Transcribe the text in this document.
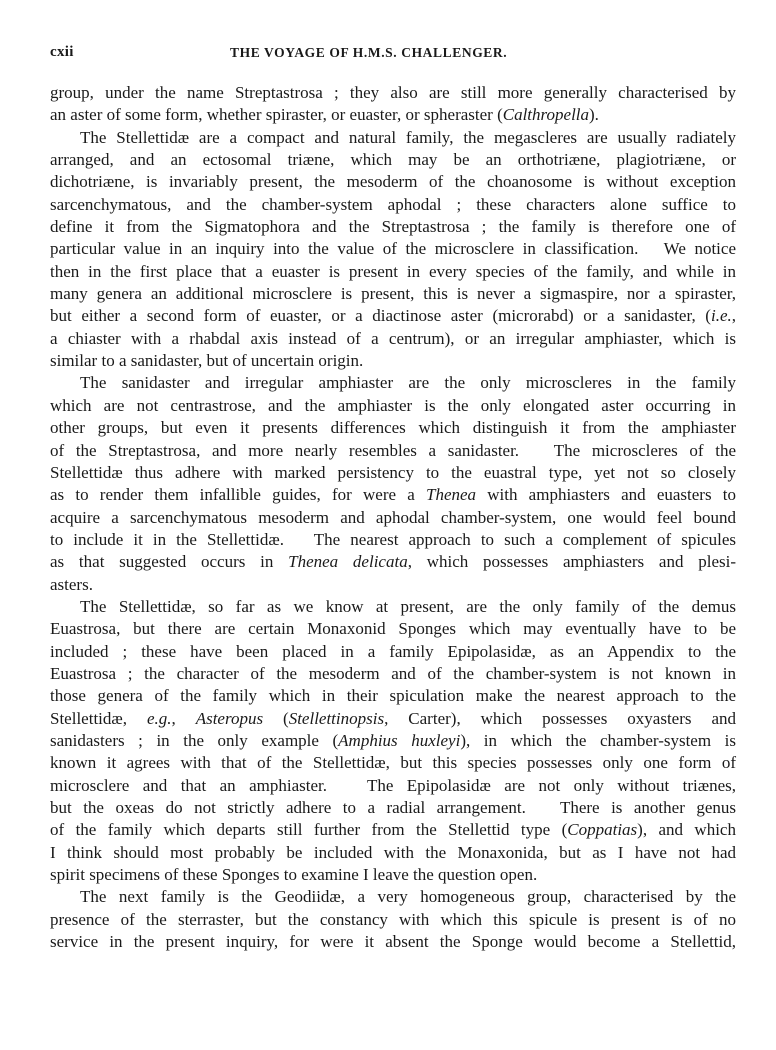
cxii	THE VOYAGE OF H.M.S. CHALLENGER.
group, under the name Streptastrosa ; they also are still more generally characterised by
an aster of some form, whether spiraster, or euaster, or spheraster (Calthropella).
The Stellettidæ are a compact and natural family, the megascleres are usually radiately
arranged, and an ectosomal triæne, which may be an orthotriæne, plagiotriæne, or
dichotriæne, is invariably present, the mesoderm of the choanosome is without exception
sarcenchymatous, and the chamber-system aphodal ; these characters alone suffice to
define it from the Sigmatophora and the Streptastrosa ; the family is therefore one of
particular value in an inquiry into the value of the microsclere in classification.   We notice
then in the first place that a euaster is present in every species of the family, and while in
many genera an additional microsclere is present, this is never a sigmaspire, nor a spiraster,
but either a second form of euaster, or a diactinose aster (microrabd) or a sanidaster, (i.e.,
a chiaster with a rhabdal axis instead of a centrum), or an irregular amphiaster, which is
similar to a sanidaster, but of uncertain origin.
The sanidaster and irregular amphiaster are the only microscleres in the family
which are not centrastrose, and the amphiaster is the only elongated aster occurring in
other groups, but even it presents differences which distinguish it from the amphiaster
of the Streptastrosa, and more nearly resembles a sanidaster.   The microscleres of the
Stellettidæ thus adhere with marked persistency to the euastral type, yet not so closely
as to render them infallible guides, for were a Thenea with amphiasters and euasters to
acquire a sarcenchymatous mesoderm and aphodal chamber-system, one would feel bound
to include it in the Stellettidæ.   The nearest approach to such a complement of spicules
as that suggested occurs in Thenea delicata, which possesses amphiasters and plesi-
asters.
The Stellettidæ, so far as we know at present, are the only family of the demus
Euastrosa, but there are certain Monaxonid Sponges which may eventually have to be
included ; these have been placed in a family Epipolasidæ, as an Appendix to the
Euastrosa ; the character of the mesoderm and of the chamber-system is not known in
those genera of the family which in their spiculation make the nearest approach to the
Stellettidæ, e.g., Asteropus (Stellettinopsis, Carter), which possesses oxyasters and
sanidasters ; in the only example (Amphius huxleyi), in which the chamber-system is
known it agrees with that of the Stellettidæ, but this species possesses only one form of
microsclere and that an amphiaster.   The Epipolasidæ are not only without triænes,
but the oxeas do not strictly adhere to a radial arrangement.   There is another genus
of the family which departs still further from the Stellettid type (Coppatias), and which
I think should most probably be included with the Monaxonida, but as I have not had
spirit specimens of these Sponges to examine I leave the question open.
The next family is the Geodiidæ, a very homogeneous group, characterised by the
presence of the sterraster, but the constancy with which this spicule is present is of no
service in the present inquiry, for were it absent the Sponge would become a Stellettid,
